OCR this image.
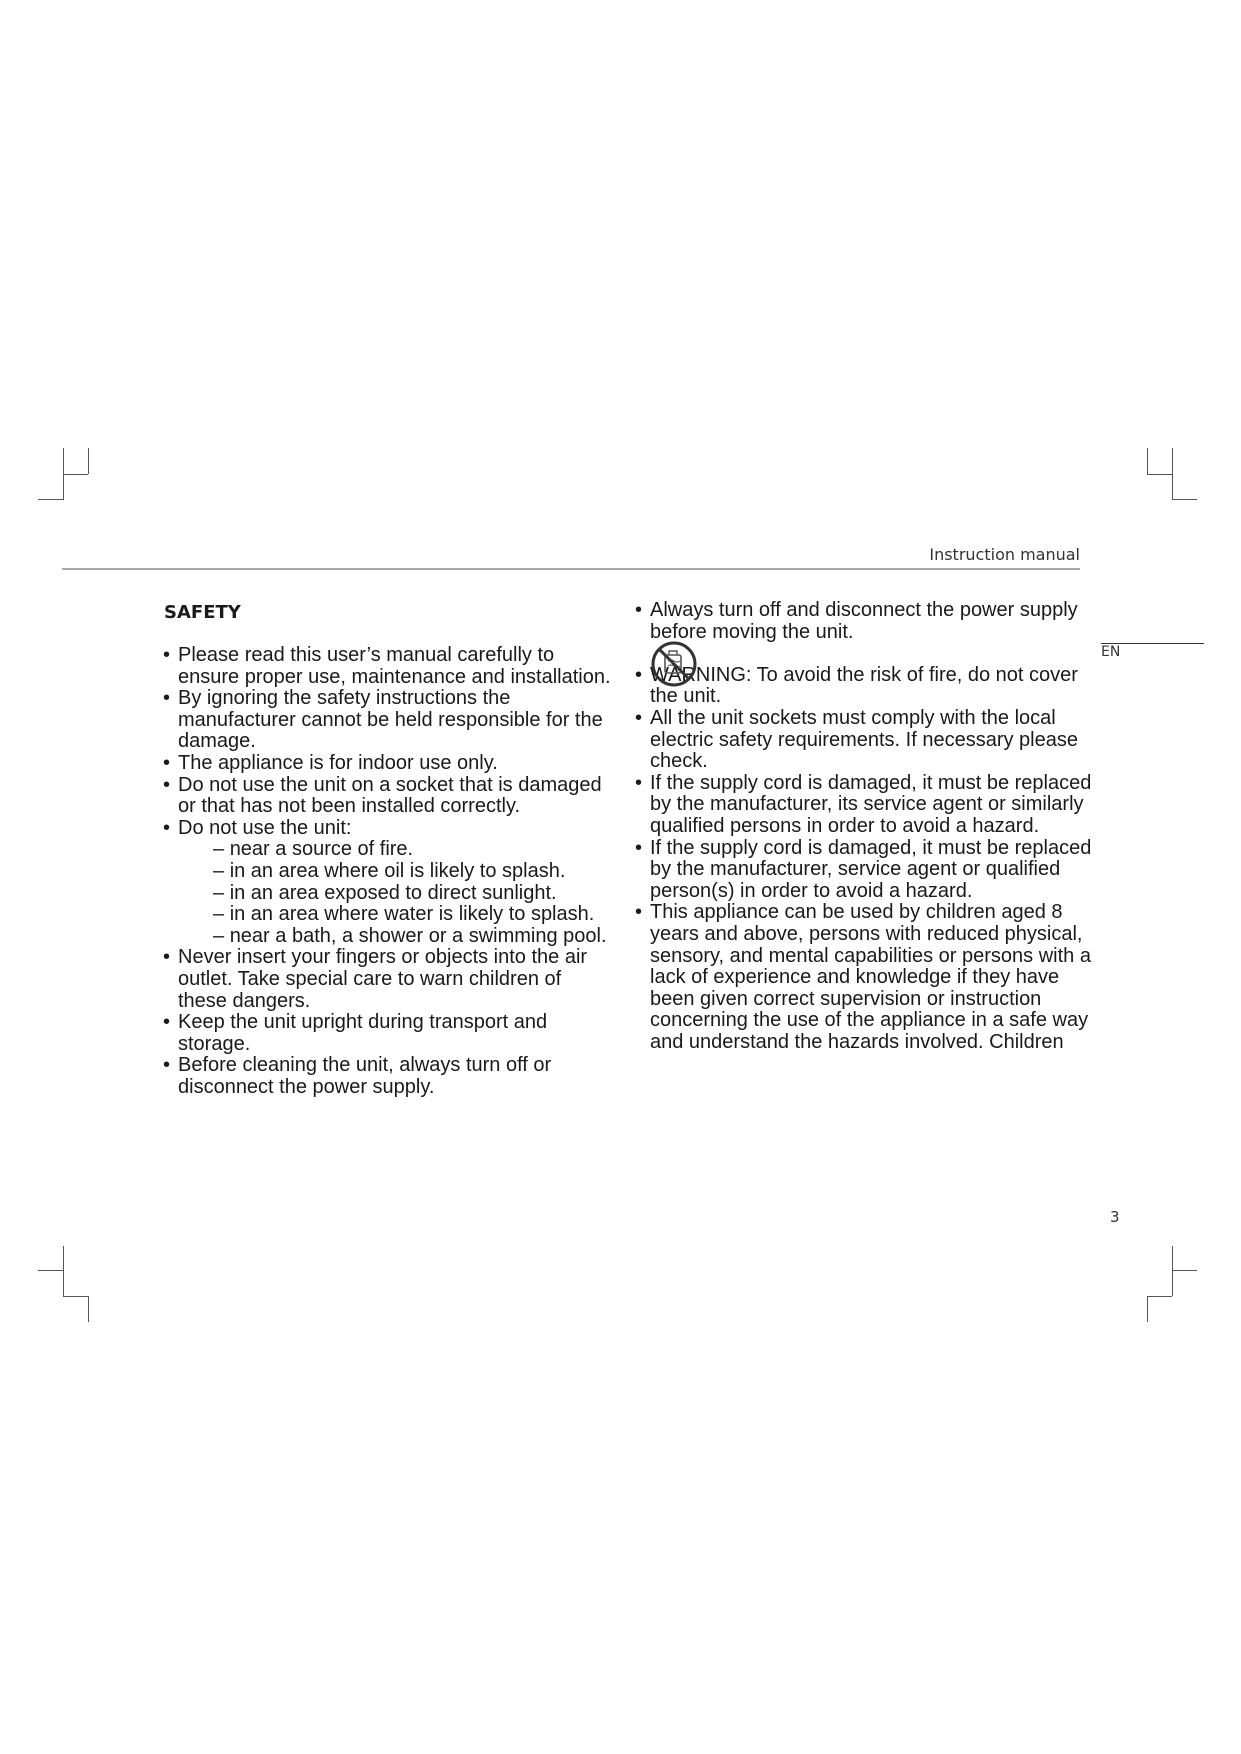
Instruction manual
EN
SAFETY
• Please read this user’s manual carefully to ensure proper use, maintenance and installation.
• By ignoring the safety instructions the manufacturer cannot be held responsible for the damage.
• The appliance is for indoor use only.
• Do not use the unit on a socket that is damaged or that has not been installed correctly.
• Do not use the unit:
– near a source of fire.
– in an area where oil is likely to splash.
– in an area exposed to direct sunlight.
– in an area where water is likely to splash.
– near a bath, a shower or a swimming pool.
• Never insert your fingers or objects into the air outlet. Take special care to warn children of these dangers.
• Keep the unit upright during transport and storage.
• Before cleaning the unit, always turn off or disconnect the power supply.
• Always turn off and disconnect the power supply before moving the unit.
• WARNING: To avoid the risk of fire, do not cover the unit.
• All the unit sockets must comply with the local electric safety requirements. If necessary please check.
• If the supply cord is damaged, it must be replaced by the manufacturer, its service agent or similarly qualified persons in order to avoid a hazard.
• If the supply cord is damaged, it must be replaced by the manufacturer, service agent or qualified person(s) in order to avoid a hazard.
• This appliance can be used by children aged 8 years and above, persons with reduced physical, sensory, and mental capabilities or persons with a lack of experience and knowledge if they have been given correct supervision or instruction concerning the use of the appliance in a safe way and understand the hazards involved. Children
3
